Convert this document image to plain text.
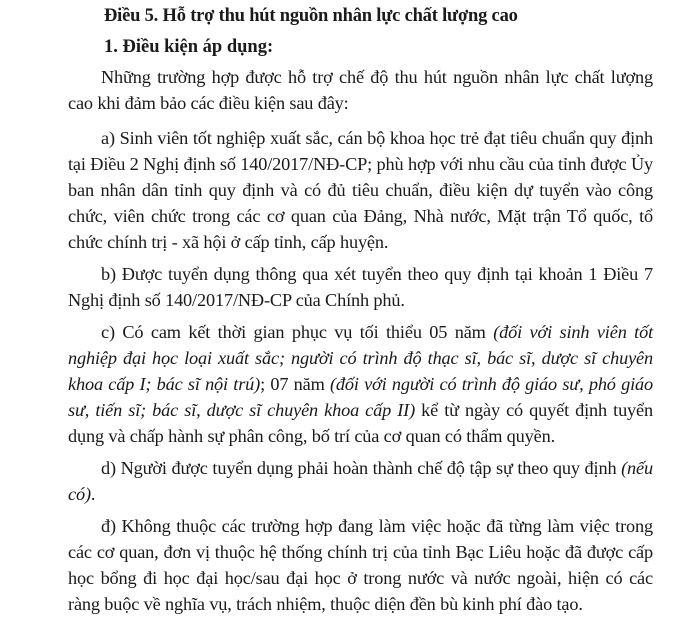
Điều 5. Hỗ trợ thu hút nguồn nhân lực chất lượng cao
1. Điều kiện áp dụng:

Những trường hợp được hỗ trợ chế độ thu hút nguồn nhân lực chất lượng cao khi đảm bảo các điều kiện sau đây:

a) Sinh viên tốt nghiệp xuất sắc, cán bộ khoa học trẻ đạt tiêu chuẩn quy định tại Điều 2 Nghị định số 140/2017/NĐ-CP; phù hợp với nhu cầu của tỉnh được Ủy ban nhân dân tỉnh quy định và có đủ tiêu chuẩn, điều kiện dự tuyển vào công chức, viên chức trong các cơ quan của Đảng, Nhà nước, Mặt trận Tổ quốc, tổ chức chính trị - xã hội ở cấp tỉnh, cấp huyện.

b) Được tuyển dụng thông qua xét tuyển theo quy định tại khoản 1 Điều 7 Nghị định số 140/2017/NĐ-CP của Chính phủ.

c) Có cam kết thời gian phục vụ tối thiểu 05 năm (đối với sinh viên tốt nghiệp đại học loại xuất sắc; người có trình độ thạc sĩ, bác sĩ, dược sĩ chuyên khoa cấp I; bác sĩ nội trú); 07 năm (đối với người có trình độ giáo sư, phó giáo sư, tiến sĩ; bác sĩ, dược sĩ chuyên khoa cấp II) kể từ ngày có quyết định tuyển dụng và chấp hành sự phân công, bố trí của cơ quan có thẩm quyền.

d) Người được tuyển dụng phải hoàn thành chế độ tập sự theo quy định (nếu có).

đ) Không thuộc các trường hợp đang làm việc hoặc đã từng làm việc trong các cơ quan, đơn vị thuộc hệ thống chính trị của tỉnh Bạc Liêu hoặc đã được cấp học bổng đi học đại học/sau đại học ở trong nước và nước ngoài, hiện có các ràng buộc về nghĩa vụ, trách nhiệm, thuộc diện đền bù kinh phí đào tạo.
